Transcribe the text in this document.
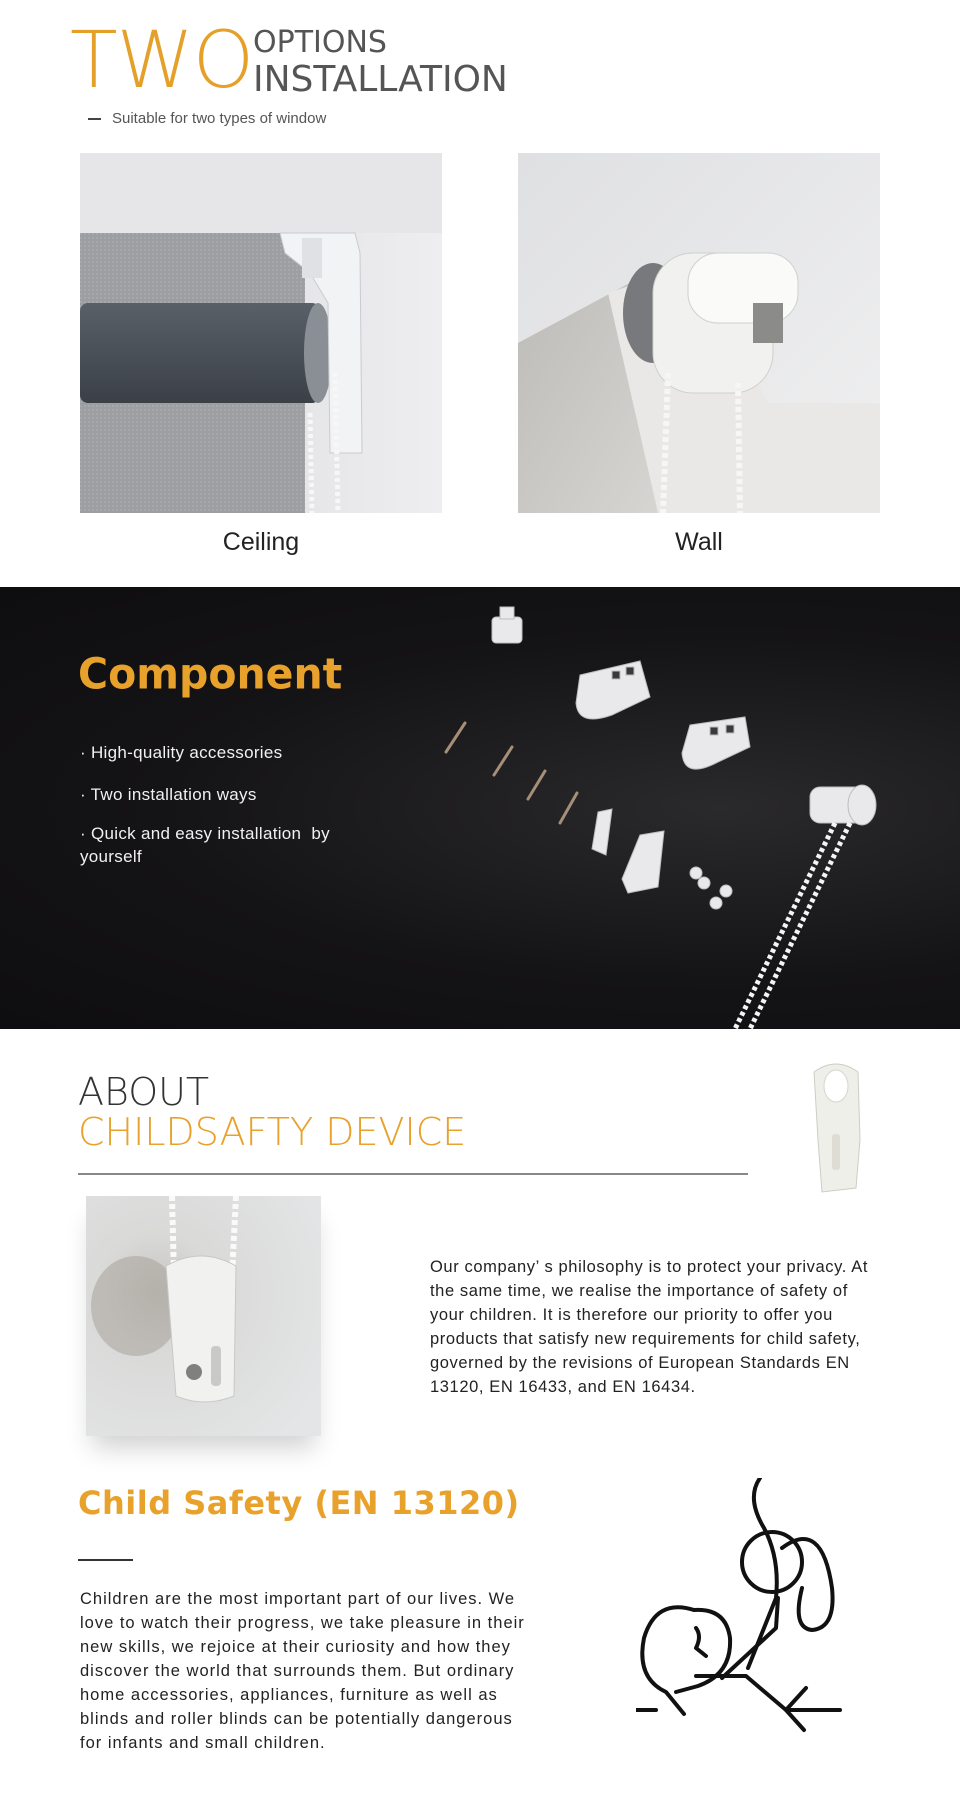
TWO OPTIONS
INSTALLATION
Suitable for two types of window
Ceiling	Wall
Component
· High-quality accessories
· Two installation ways
· Quick and easy installation  by yourself
ABOUT
CHILDSAFTY DEVICE
Our company’ s philosophy is to protect your privacy. At the same time, we realise the importance of safety of your children. It is therefore our priority to offer you products that satisfy new requirements for child safety, governed by the revisions of European Standards EN 13120, EN 16433, and EN 16434.
Child Safety (EN 13120)
Children are the most important part of our lives. We love to watch their progress, we take pleasure in their new skills, we rejoice at their curiosity and how they discover the world that surrounds them. But ordinary home accessories, appliances, furniture as well as blinds and roller blinds can be potentially dangerous for infants and small children.
